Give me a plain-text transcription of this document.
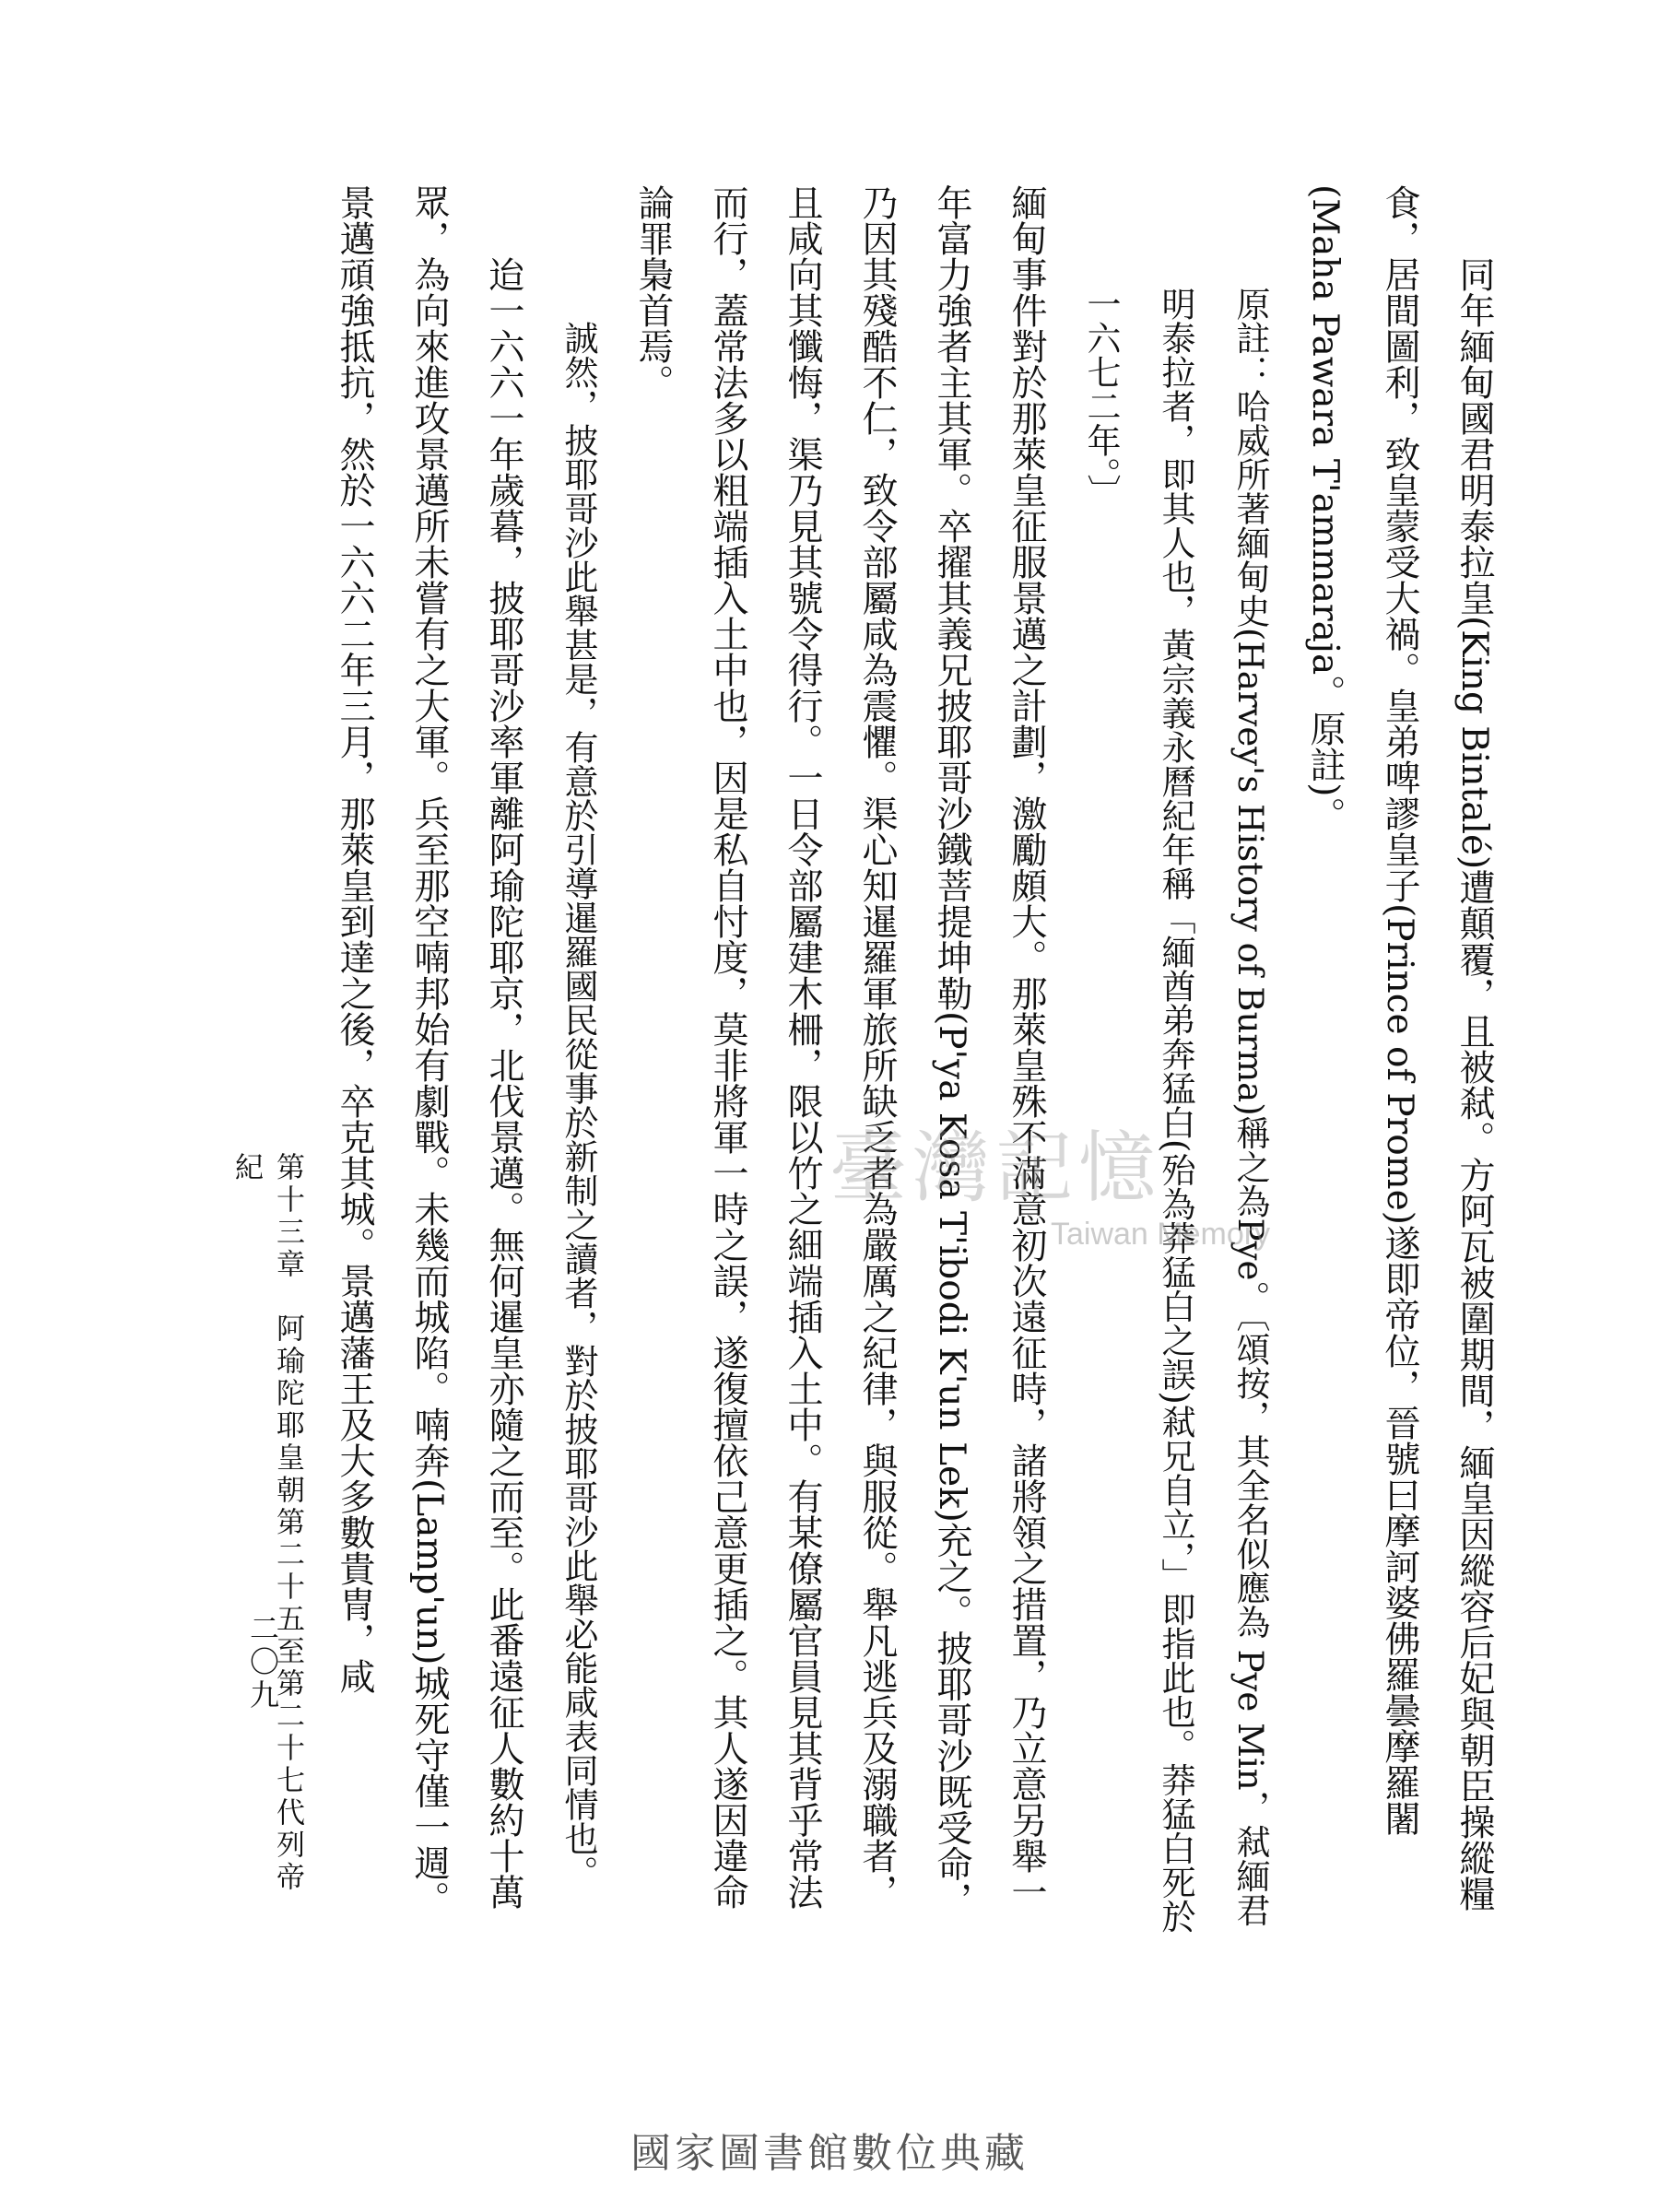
同年緬甸國君明泰拉皇(King Bintalé)遭顛覆，且被弒。方阿瓦被圍期間，緬皇因縱容后妃與朝臣操縱糧食，居間圖利，致皇蒙受大禍。皇弟啤謬皇子(Prince of Prome)遂即帝位，晉號曰摩訶婆佛羅曇摩羅闍(Maha Pawara T'ammaraja。原註)。

原註：哈威所著緬甸史(Harvey's History of Burma)稱之為Pye。〔頌按，其全名似應為 Pye Min，弒緬君明泰拉者，即其人也，黃宗義永曆紀年稱「緬酋弟奔猛白(殆為莽猛白之誤)弒兄自立，」即指此也。莽猛白死於一六七二年。〕

緬甸事件對於那萊皇征服景邁之計劃，激勵頗大。那萊皇殊不滿意初次遠征時，諸將領之措置，乃立意另舉一年富力強者主其軍。卒擢其義兄披耶哥沙鐵菩提坤勒(P'ya Kosa T'ibodi K'un Lek)充之。披耶哥沙既受命，乃因其殘酷不仁，致令部屬咸為震懼。渠心知暹羅軍旅所缺乏者為嚴厲之紀律，與服從。舉凡逃兵及溺職者，且咸向其懺悔，渠乃見其號令得行。一日令部屬建木柵，限以竹之細端插入土中。有某僚屬官員見其背乎常法而行，蓋常法多以粗端插入土中也，因是私自忖度，莫非將軍一時之誤，遂復擅依己意更插之。其人遂因違命論罪梟首焉。

誠然，披耶哥沙此舉甚是，有意於引導暹羅國民從事於新制之讀者，對於披耶哥沙此舉必能咸表同情也。

迨一六六一年歲暮，披耶哥沙率軍離阿瑜陀耶京，北伐景邁。無何暹皇亦隨之而至。此番遠征人數約十萬眾，為向來進攻景邁所未嘗有之大軍。兵至那空喃邦始有劇戰。未幾而城陷。喃奔(Lamp'un)城死守僅一週。景邁頑強抵抗，然於一六六二年三月，那萊皇到達之後，卒克其城。景邁藩王及大多數貴冑，咸

第十三章　阿瑜陀耶皇朝第二十五至第二十七代列帝紀
二〇九
臺灣記憶
Taiwan Memory
國家圖書館數位典藏
